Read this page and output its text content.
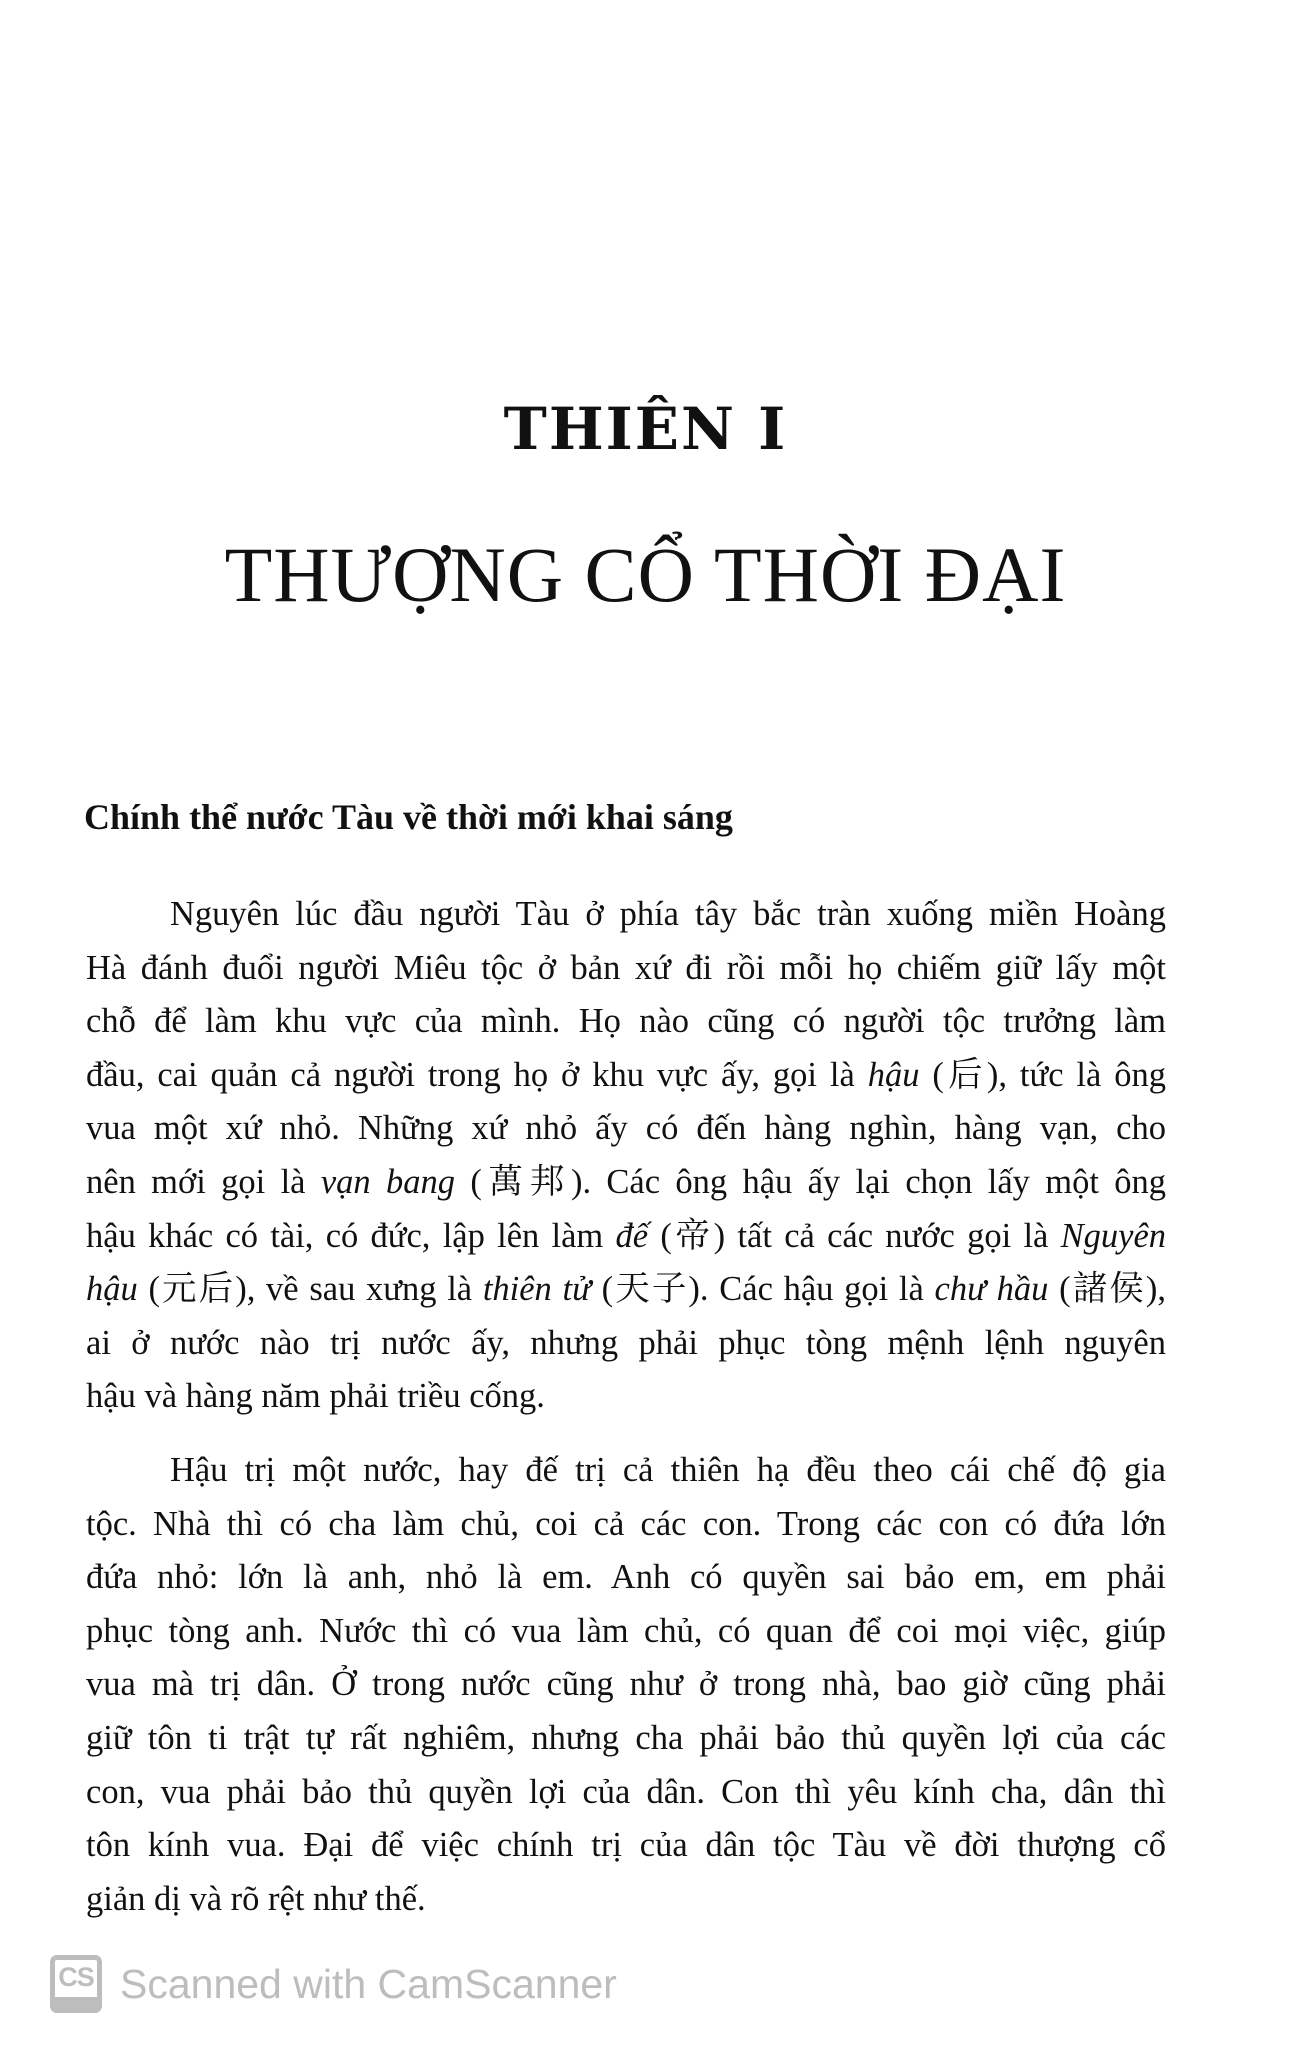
THIÊN I
THƯỢNG CỔ THỜI ĐẠI
Chính thể nước Tàu về thời mới khai sáng
Nguyên lúc đầu người Tàu ở phía tây bắc tràn xuống miền Hoàng
Hà đánh đuổi người Miêu tộc ở bản xứ đi rồi mỗi họ chiếm giữ lấy một
chỗ để làm khu vực của mình. Họ nào cũng có người tộc trưởng làm
đầu, cai quản cả người trong họ ở khu vực ấy, gọi là hậu (后), tức là ông
vua một xứ nhỏ. Những xứ nhỏ ấy có đến hàng nghìn, hàng vạn, cho
nên mới gọi là vạn bang (萬邦). Các ông hậu ấy lại chọn lấy một ông
hậu khác có tài, có đức, lập lên làm đế (帝) tất cả các nước gọi là Nguyên
hậu (元后), về sau xưng là thiên tử (天子). Các hậu gọi là chư hầu (諸侯),
ai ở nước nào trị nước ấy, nhưng phải phục tòng mệnh lệnh nguyên
hậu và hàng năm phải triều cống.
Hậu trị một nước, hay đế trị cả thiên hạ đều theo cái chế độ gia
tộc. Nhà thì có cha làm chủ, coi cả các con. Trong các con có đứa lớn
đứa nhỏ: lớn là anh, nhỏ là em. Anh có quyền sai bảo em, em phải
phục tòng anh. Nước thì có vua làm chủ, có quan để coi mọi việc, giúp
vua mà trị dân. Ở trong nước cũng như ở trong nhà, bao giờ cũng phải
giữ tôn ti trật tự rất nghiêm, nhưng cha phải bảo thủ quyền lợi của các
con, vua phải bảo thủ quyền lợi của dân. Con thì yêu kính cha, dân thì
tôn kính vua. Đại để việc chính trị của dân tộc Tàu về đời thượng cổ
giản dị và rõ rệt như thế.
CS Scanned with CamScanner
